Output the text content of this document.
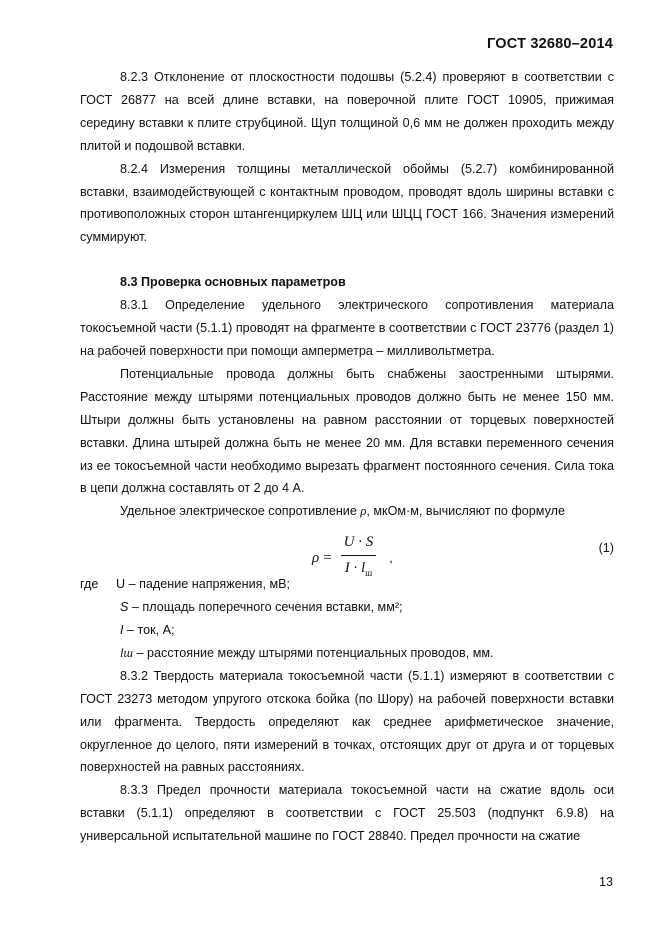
ГОСТ 32680–2014

8.2.3 Отклонение от плоскостности подошвы (5.2.4) проверяют в соответствии с ГОСТ 26877 на всей длине вставки, на поверочной плите ГОСТ 10905, прижимая середину вставки к плите струбциной. Щуп толщиной 0,6 мм не должен проходить между плитой и подошвой вставки.

8.2.4 Измерения толщины металлической обоймы (5.2.7) комбинированной вставки, взаимодействующей с контактным проводом, проводят вдоль ширины вставки с противоположных сторон штангенциркулем ШЦ или ШЦЦ ГОСТ 166. Значения измерений суммируют.

8.3 Проверка основных параметров

8.3.1 Определение удельного электрического сопротивления материала токосъемной части (5.1.1) проводят на фрагменте в соответствии с ГОСТ 23776 (раздел 1) на рабочей поверхности при помощи амперметра – милливольтметра.

Потенциальные провода должны быть снабжены заостренными штырями. Расстояние между штырями потенциальных проводов должно быть не менее 150 мм. Штыри должны быть установлены на равном расстоянии от торцевых поверхностей вставки. Длина штырей должна быть не менее 20 мм. Для вставки переменного сечения из ее токосъемной части необходимо вырезать фрагмент постоянного сечения. Сила тока в цепи должна составлять от 2 до 4 А.

Удельное электрическое сопротивление ρ, мкОм·м, вычисляют по формуле

$\rho = \frac{U \cdot S}{I \cdot l_ш}$ ,
(1)
где	U – падение напряжения, мВ;

S – площадь поперечного сечения вставки, мм²;

I – ток, А;

lш – расстояние между штырями потенциальных проводов, мм.

8.3.2 Твердость материала токосъемной части (5.1.1) измеряют в соответствии с ГОСТ 23273 методом упругого отскока бойка (по Шору) на рабочей поверхности вставки или фрагмента. Твердость определяют как среднее арифметическое значение, округленное до целого, пяти измерений в точках, отстоящих друг от друга и от торцевых поверхностей на равных расстояниях.

8.3.3 Предел прочности материала токосъемной части на сжатие вдоль оси вставки (5.1.1) определяют в соответствии с ГОСТ 25.503 (подпункт 6.9.8) на универсальной испытательной машине по ГОСТ 28840. Предел прочности на сжатие

13
